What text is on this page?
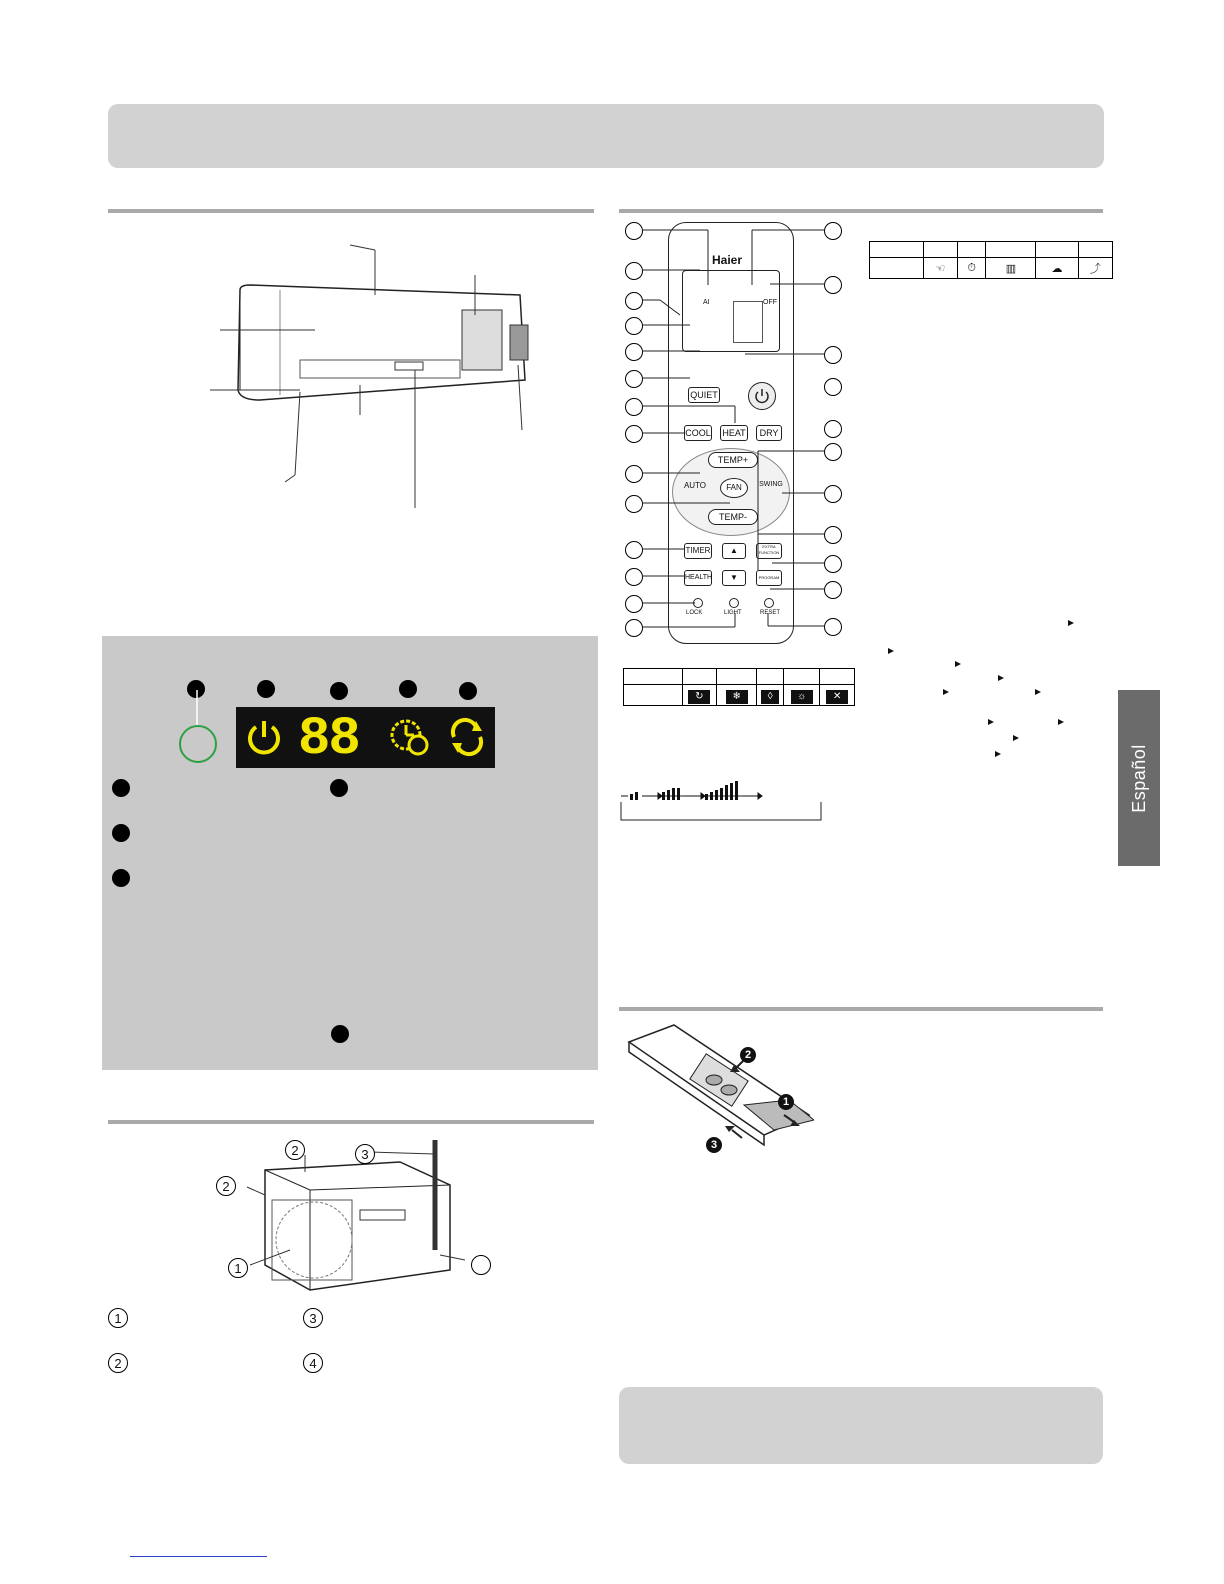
88
2	3
2
1
1	3
2	4
Haier
AI	OFF
QUIET
COOL HEAT	DRY
TEMP+
TEMP-
AUTO	FAN	SWING
TIMER	▲	EXTRA FUNCTION
HEALTH	▼	PROGRAM
LOCK	LIGHT	RESET

	☜	⏱	▥	☁	⤴

	↻	❄	◊	☼	✕
2
1
3
Español
